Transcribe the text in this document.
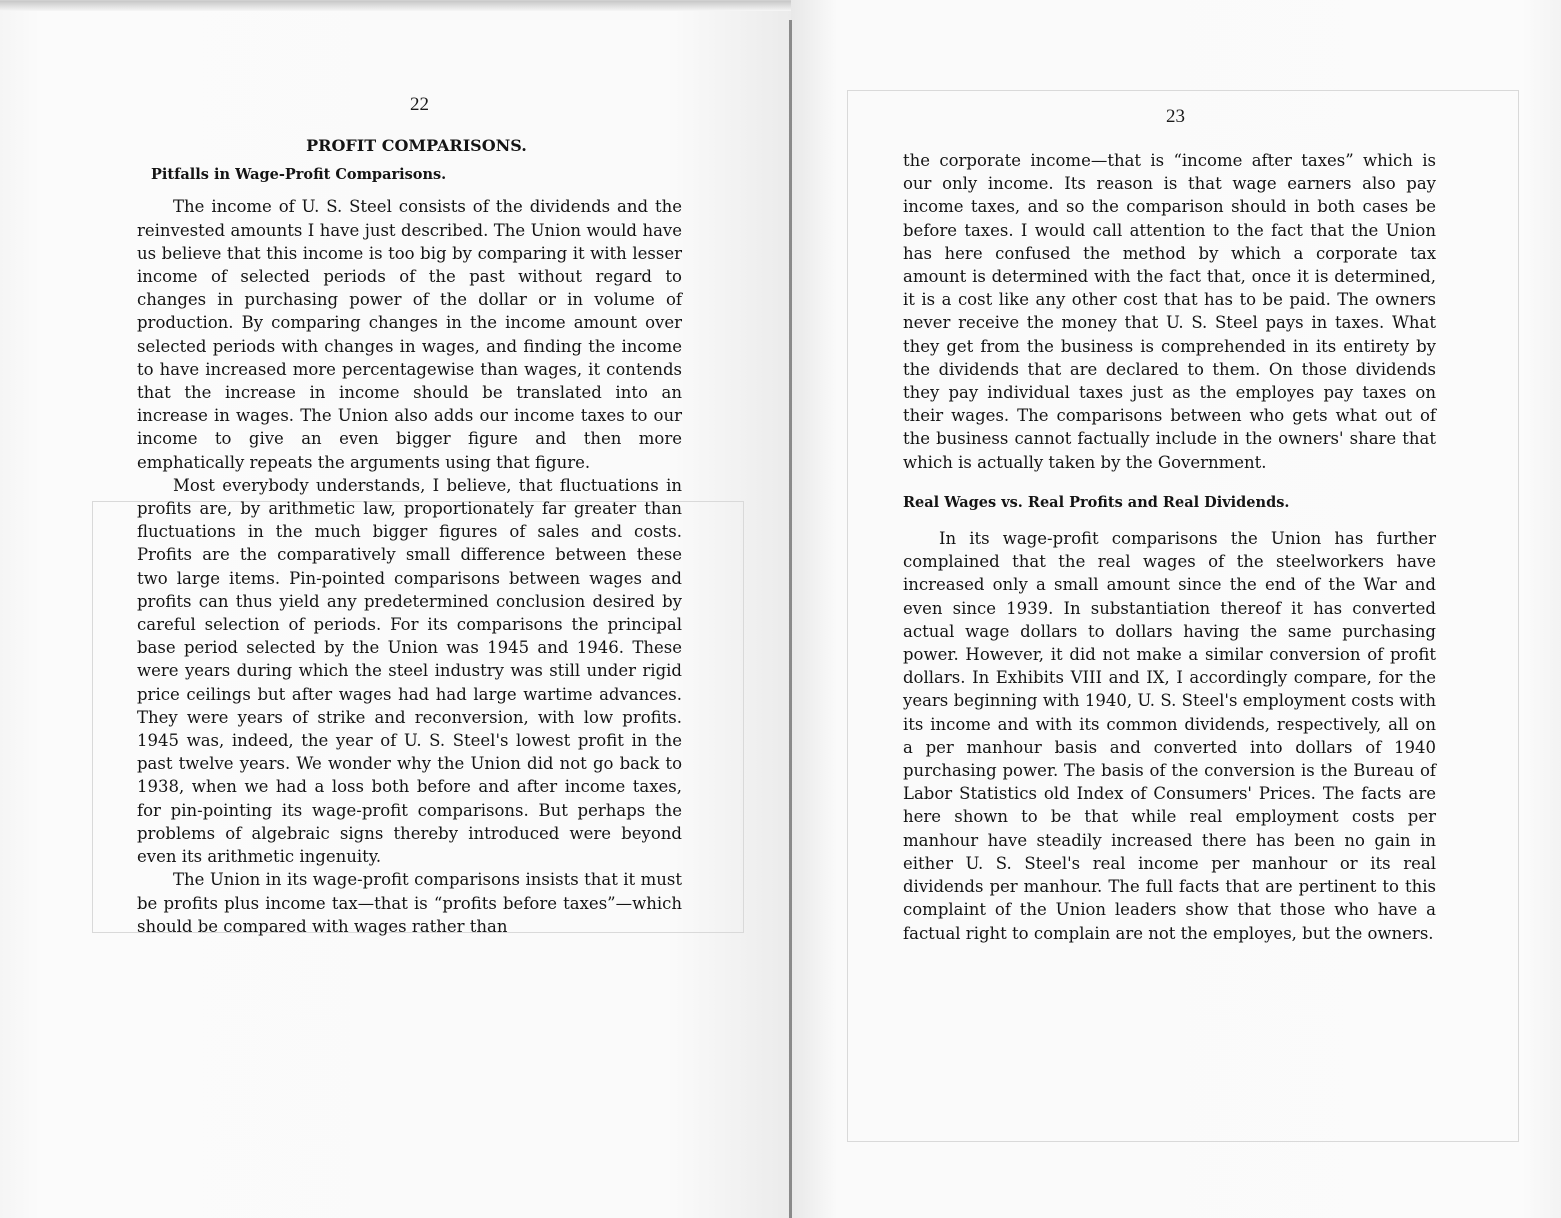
22
PROFIT COMPARISONS.
Pitfalls in Wage-Profit Comparisons.

The income of U. S. Steel consists of the dividends and the reinvested amounts I have just described. The Union would have us believe that this income is too big by comparing it with lesser income of selected periods of the past without regard to changes in purchasing power of the dollar or in volume of production. By comparing changes in the income amount over selected periods with changes in wages, and finding the income to have increased more percentagewise than wages, it contends that the increase in income should be translated into an increase in wages. The Union also adds our income taxes to our income to give an even bigger figure and then more emphatically repeats the arguments using that figure.

Most everybody understands, I believe, that fluctuations in profits are, by arithmetic law, proportionately far greater than fluctuations in the much bigger figures of sales and costs. Profits are the comparatively small difference between these two large items. Pin-pointed comparisons between wages and profits can thus yield any predetermined conclusion desired by careful selection of periods. For its comparisons the principal base period selected by the Union was 1945 and 1946. These were years during which the steel industry was still under rigid price ceilings but after wages had had large wartime advances. They were years of strike and reconversion, with low profits. 1945 was, indeed, the year of U. S. Steel's lowest profit in the past twelve years. We wonder why the Union did not go back to 1938, when we had a loss both before and after income taxes, for pin-pointing its wage-profit comparisons. But perhaps the problems of algebraic signs thereby introduced were beyond even its arithmetic ingenuity.

The Union in its wage-profit comparisons insists that it must be profits plus income tax—that is “profits before taxes”—which should be compared with wages rather than

23

the corporate income—that is “income after taxes” which is our only income. Its reason is that wage earners also pay income taxes, and so the comparison should in both cases be before taxes. I would call attention to the fact that the Union has here confused the method by which a corporate tax amount is determined with the fact that, once it is determined, it is a cost like any other cost that has to be paid. The owners never receive the money that U. S. Steel pays in taxes. What they get from the business is comprehended in its entirety by the dividends that are declared to them. On those dividends they pay individual taxes just as the employes pay taxes on their wages. The comparisons between who gets what out of the business cannot factually include in the owners' share that which is actually taken by the Government.

Real Wages vs. Real Profits and Real Dividends.

In its wage-profit comparisons the Union has further complained that the real wages of the steelworkers have increased only a small amount since the end of the War and even since 1939. In substantiation thereof it has converted actual wage dollars to dollars having the same purchasing power. However, it did not make a similar conversion of profit dollars. In Exhibits VIII and IX, I accordingly compare, for the years beginning with 1940, U. S. Steel's employment costs with its income and with its common dividends, respectively, all on a per manhour basis and converted into dollars of 1940 purchasing power. The basis of the conversion is the Bureau of Labor Statistics old Index of Consumers' Prices. The facts are here shown to be that while real employment costs per manhour have steadily increased there has been no gain in either U. S. Steel's real income per manhour or its real dividends per manhour. The full facts that are pertinent to this complaint of the Union leaders show that those who have a factual right to complain are not the employes, but the owners.
